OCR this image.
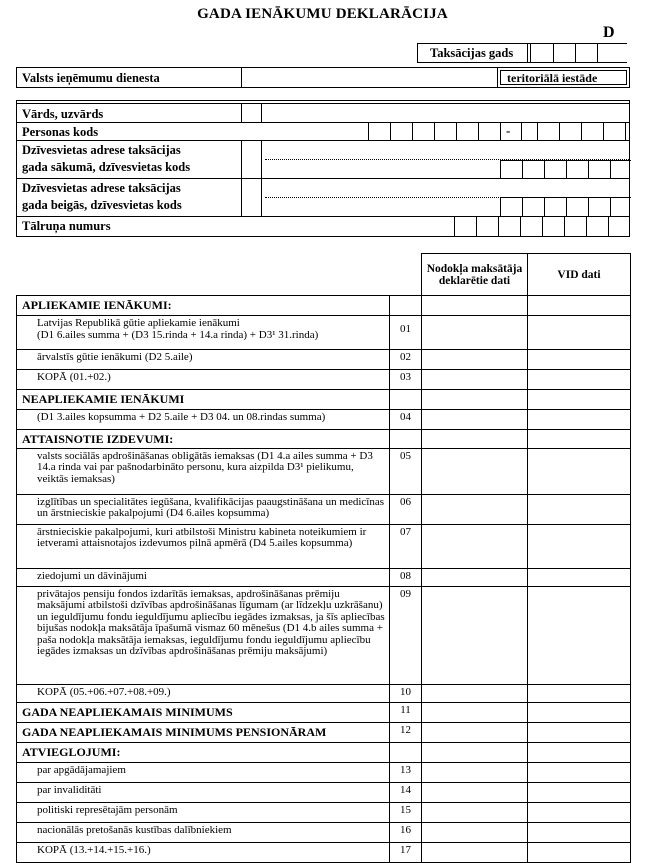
GADA IENĀKUMU DEKLARĀCIJA
D
Taksācijas gads
Valsts ieņēmumu dienesta	teritoriālā iestāde
Vārds, uzvārds
Personas kods	-
Dzīvesvietas adrese taksācijas
gada sākumā, dzīvesvietas kods
Dzīvesvietas adrese taksācijas
gada beigās, dzīvesvietas kods
Tālruņa numurs
		Nodokļa maksātāja deklarētie dati	VID dati
APLIEKAMIE IENĀKUMI:			
Latvijas Republikā gūtie apliekamie ienākumi
(D1 6.ailes summa + (D3 15.rinda + 14.a rinda) + D3¹ 31.rinda)	01		
ārvalstīs gūtie ienākumi (D2 5.aile)	02		
KOPĀ (01.+02.)	03		
NEAPLIEKAMIE IENĀKUMI			
(D1 3.ailes kopsumma + D2 5.aile + D3 04. un 08.rindas summa)	04		
ATTAISNOTIE IZDEVUMI:			
valsts sociālās apdrošināšanas obligātās iemaksas (D1 4.a ailes summa + D3 14.a rinda vai par pašnodarbināto personu, kura aizpilda D3¹ pielikumu, veiktās iemaksas)	05		
izglītības un specialitātes iegūšana, kvalifikācijas paaugstināšana un medicīnas un ārstnieciskie pakalpojumi (D4 6.ailes kopsumma)	06		
ārstnieciskie pakalpojumi, kuri atbilstoši Ministru kabineta noteikumiem ir ietverami attaisnotajos izdevumos pilnā apmērā (D4 5.ailes kopsumma)	07		
ziedojumi un dāvinājumi	08		
privātajos pensiju fondos izdarītās iemaksas, apdrošināšanas prēmiju maksājumi atbilstoši dzīvības apdrošināšanas līgumam (ar līdzekļu uzkrāšanu) un ieguldījumu fondu ieguldījumu apliecību iegādes izmaksas, ja šīs apliecības bijušas nodokļa maksātāja īpašumā vismaz 60 mēnešus (D1 4.b ailes summa + paša nodokļa maksātāja iemaksas, ieguldījumu fondu ieguldījumu apliecību iegādes izmaksas un dzīvības apdrošināšanas prēmiju maksājumi)	09		
KOPĀ (05.+06.+07.+08.+09.)	10		
GADA NEAPLIEKAMAIS MINIMUMS	11		
GADA NEAPLIEKAMAIS MINIMUMS PENSIONĀRAM	12		
ATVIEGLOJUMI:			
par apgādājamajiem	13		
par invaliditāti	14		
politiski represētajām personām	15		
nacionālās pretošanās kustības dalībniekiem	16		
KOPĀ (13.+14.+15.+16.)	17		
